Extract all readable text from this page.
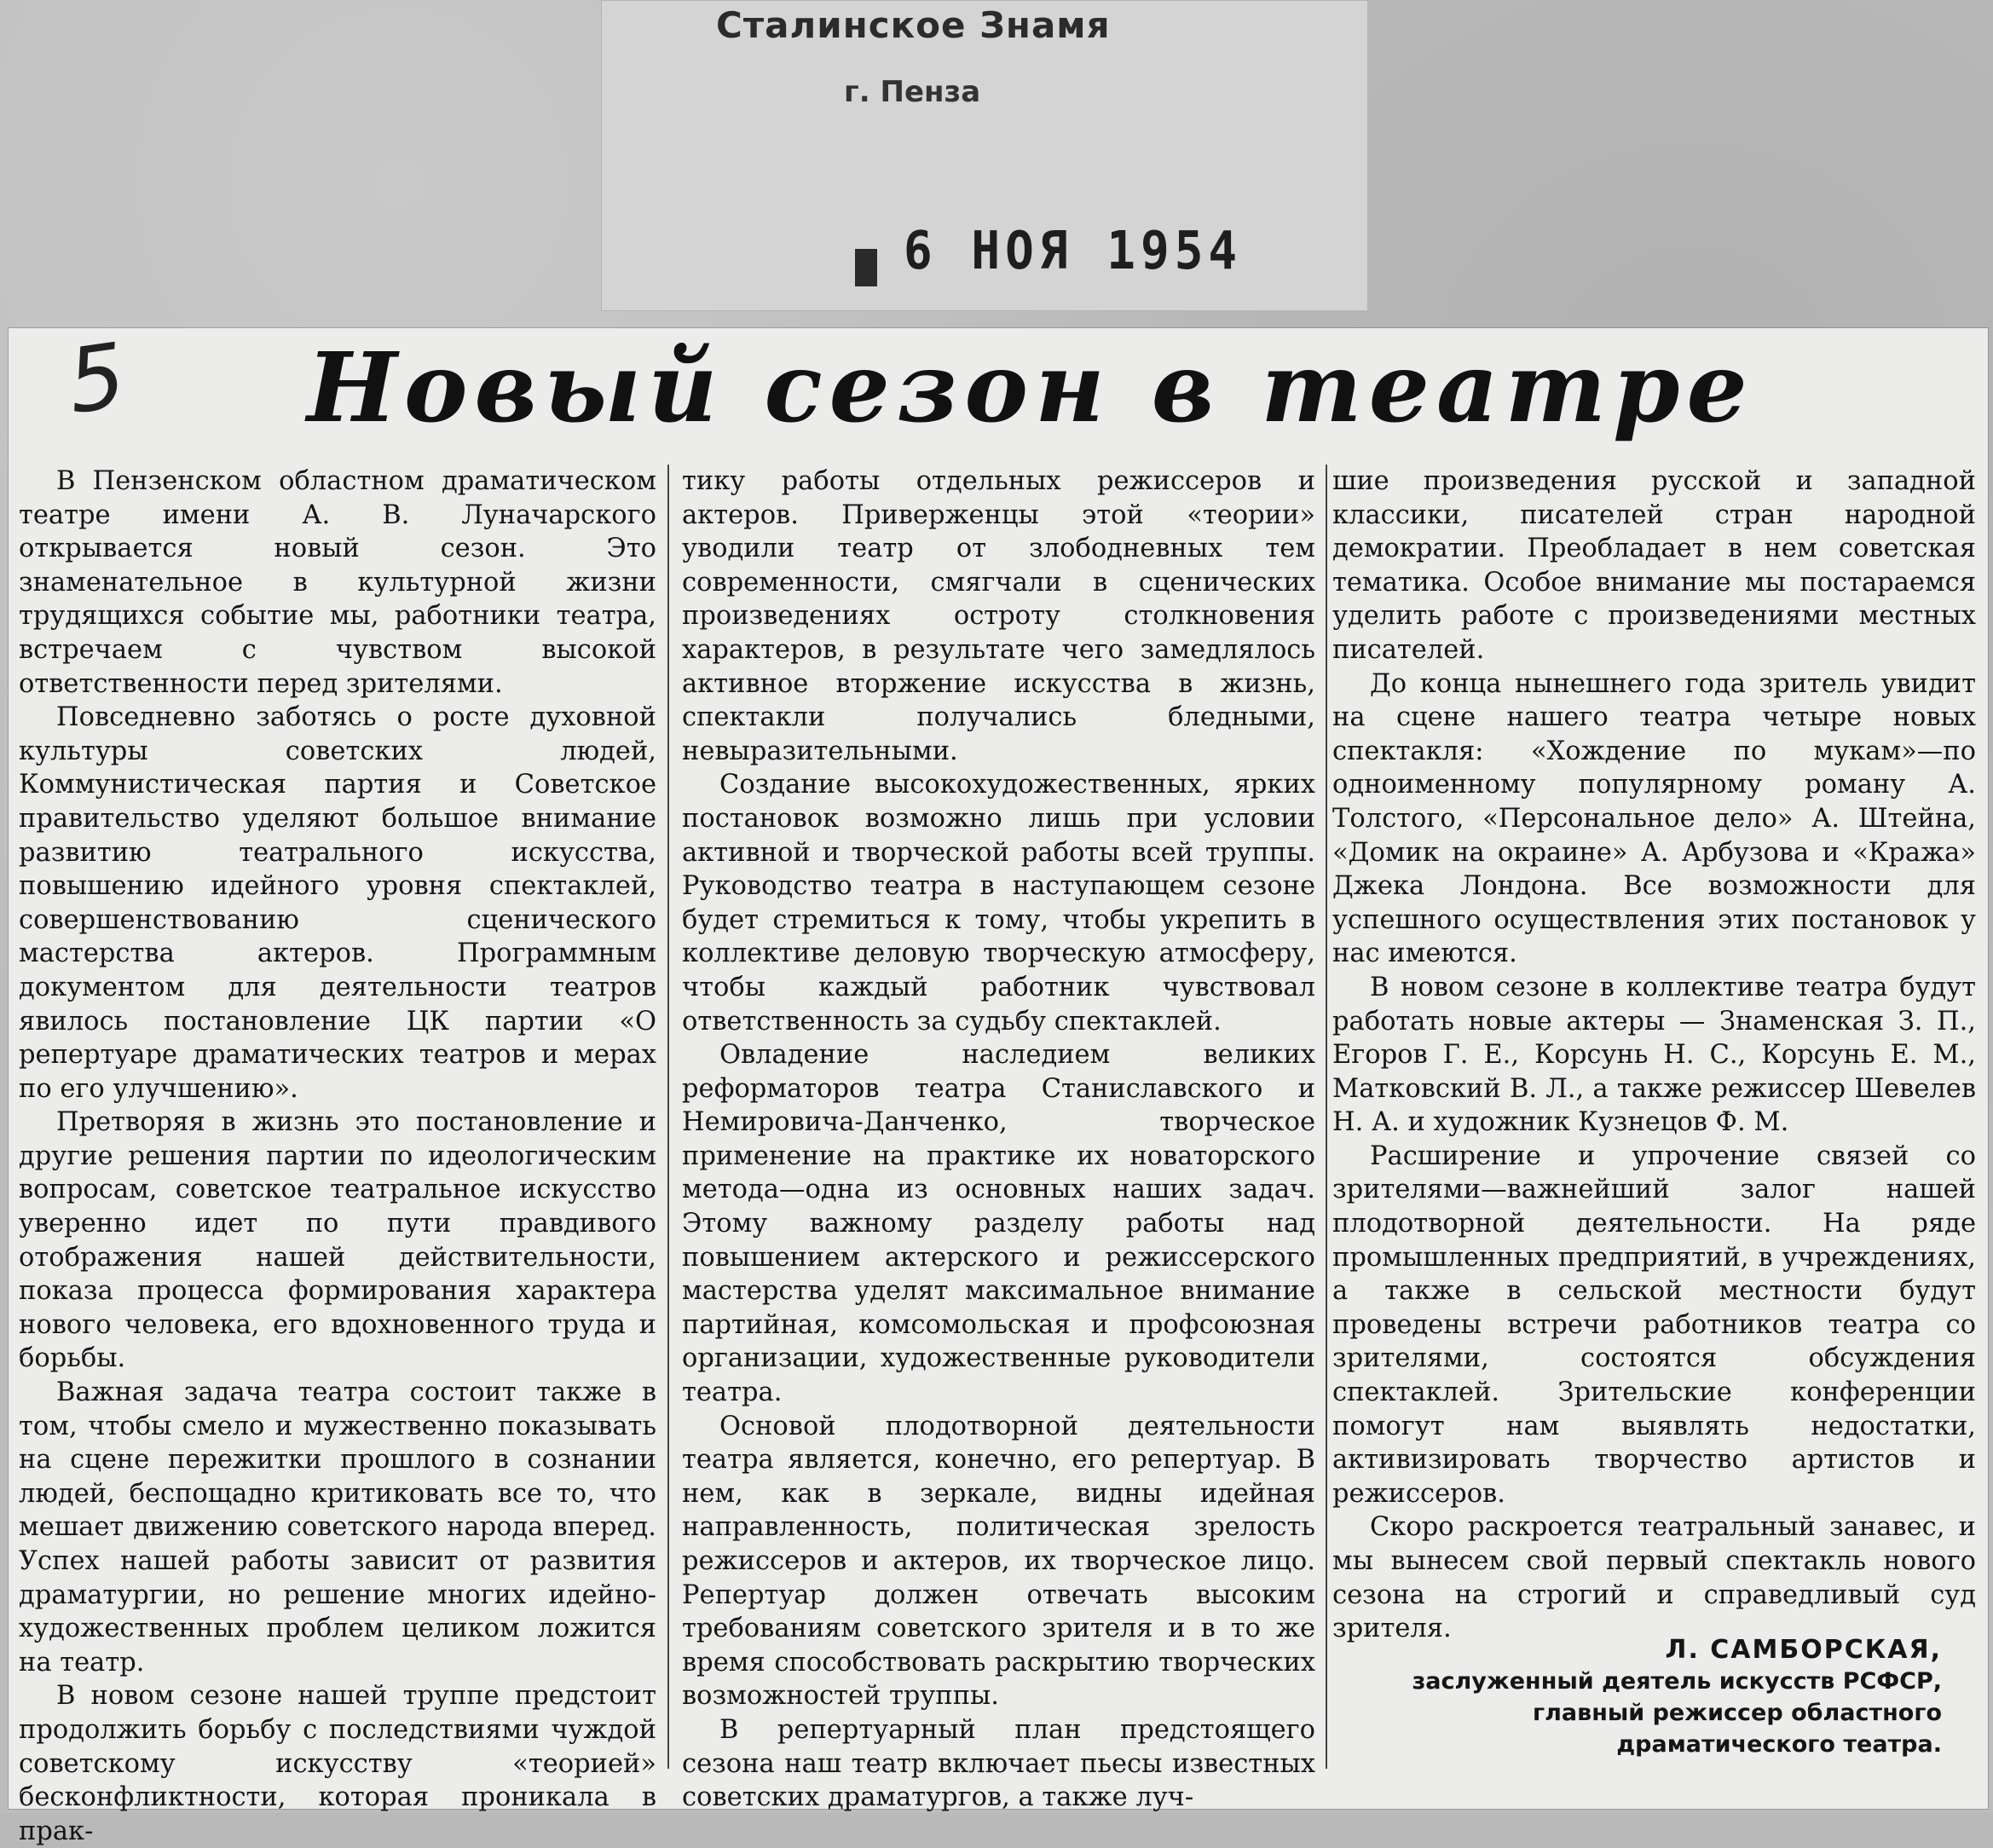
Сталинское Знамя
г. Пенза
6 НОЯ 1954
5 Новый сезон в театре

В Пензенском областном драматическом театре имени А. В. Луначарского открывается новый сезон. Это знаменательное в культурной жизни трудящихся событие мы, работники театра, встречаем с чувством высокой ответственности перед зрителями.

Повседневно заботясь о росте духовной культуры советских людей, Коммунистическая партия и Советское правительство уделяют большое внимание развитию театрального искусства, повышению идейного уровня спектаклей, совершенствованию сценического мастерства актеров. Программным документом для деятельности театров явилось постановление ЦК партии «О репертуаре драматических театров и мерах по его улучшению».

Претворяя в жизнь это постановление и другие решения партии по идеологическим вопросам, советское театральное искусство уверенно идет по пути правдивого отображения нашей действительности, показа процесса формирования характера нового человека, его вдохновенного труда и борьбы.

Важная задача театра состоит также в том, чтобы смело и мужественно показывать на сцене пережитки прошлого в сознании людей, беспощадно критиковать все то, что мешает движению советского народа вперед. Успех нашей работы зависит от развития драматургии, но решение многих идейно-художественных проблем целиком ложится на театр.

В новом сезоне нашей труппе предстоит продолжить борьбу с последствиями чуждой советскому искусству «теорией» бесконфликтности, которая проникала в прак-

тику работы отдельных режиссеров и актеров. Приверженцы этой «теории» уводили театр от злободневных тем современности, смягчали в сценических произведениях остроту столкновения характеров, в результате чего замедлялось активное вторжение искусства в жизнь, спектакли получались бледными, невыразительными.

Создание высокохудожественных, ярких постановок возможно лишь при условии активной и творческой работы всей труппы. Руководство театра в наступающем сезоне будет стремиться к тому, чтобы укрепить в коллективе деловую творческую атмосферу, чтобы каждый работник чувствовал ответственность за судьбу спектаклей.

Овладение наследием великих реформаторов театра Станиславского и Немировича-Данченко, творческое применение на практике их новаторского метода—одна из основных наших задач. Этому важному разделу работы над повышением актерского и режиссерского мастерства уделят максимальное внимание партийная, комсомольская и профсоюзная организации, художественные руководители театра.

Основой плодотворной деятельности театра является, конечно, его репертуар. В нем, как в зеркале, видны идейная направленность, политическая зрелость режиссеров и актеров, их творческое лицо. Репертуар должен отвечать высоким требованиям советского зрителя и в то же время способствовать раскрытию творческих возможностей труппы.

В репертуарный план предстоящего сезона наш театр включает пьесы известных советских драматургов, а также луч-

шие произведения русской и западной классики, писателей стран народной демократии. Преобладает в нем советская тематика. Особое внимание мы постараемся уделить работе с произведениями местных писателей.

До конца нынешнего года зритель увидит на сцене нашего театра четыре новых спектакля: «Хождение по мукам»—по одноименному популярному роману А. Толстого, «Персональное дело» А. Штейна, «Домик на окраине» А. Арбузова и «Кража» Джека Лондона. Все возможности для успешного осуществления этих постановок у нас имеются.

В новом сезоне в коллективе театра будут работать новые актеры — Знаменская З. П., Егоров Г. Е., Корсунь Н. С., Корсунь Е. М., Матковский В. Л., а также режиссер Шевелев Н. А. и художник Кузнецов Ф. М.

Расширение и упрочение связей со зрителями—важнейший залог нашей плодотворной деятельности. На ряде промышленных предприятий, в учреждениях, а также в сельской местности будут проведены встречи работников театра со зрителями, состоятся обсуждения спектаклей. Зрительские конференции помогут нам выявлять недостатки, активизировать творчество артистов и режиссеров.

Скоро раскроется театральный занавес, и мы вынесем свой первый спектакль нового сезона на строгий и справедливый суд зрителя.

Л. САМБОРСКАЯ,
заслуженный деятель искусств РСФСР,
главный режиссер областного
драматического театра.
